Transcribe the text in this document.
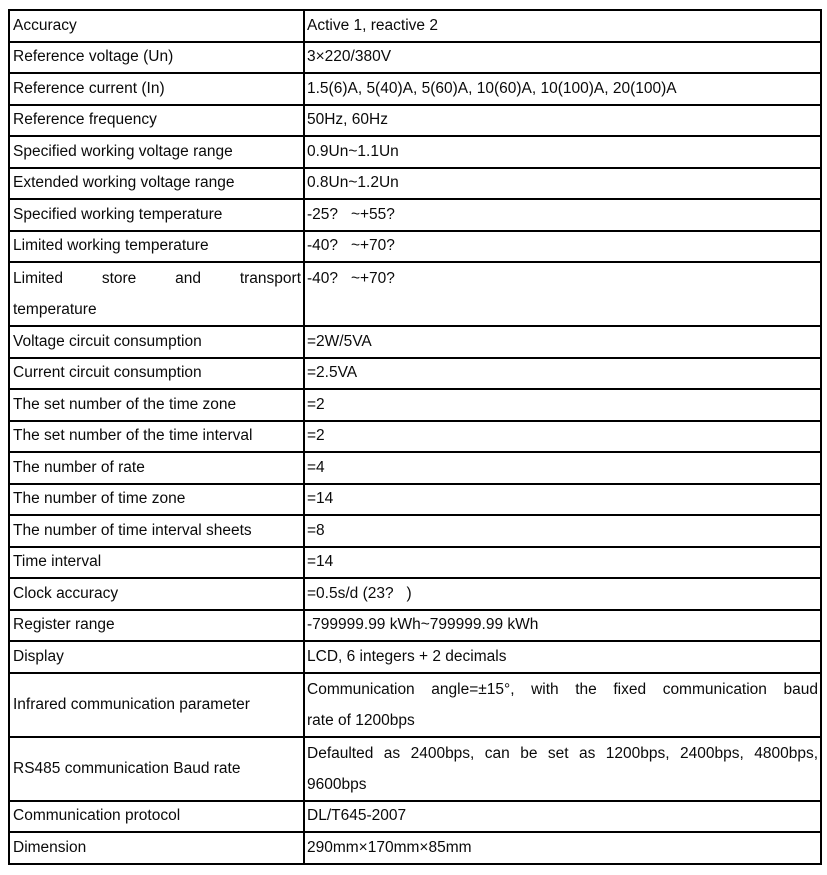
Accuracy	Active 1, reactive 2
Reference voltage (Un)	3×220/380V
Reference current (In)	1.5(6)A, 5(40)A, 5(60)A, 10(60)A, 10(100)A, 20(100)A
Reference frequency	50Hz, 60Hz
Specified working voltage range	0.9Un~1.1Un
Extended working voltage range	0.8Un~1.2Un
Specified working temperature	-25?   ~+55?
Limited working temperature	-40?   ~+70?

Limited store and transport
temperature	-40?   ~+70?
Voltage circuit consumption	=2W/5VA
Current circuit consumption	=2.5VA
The set number of the time zone	=2
The set number of the time interval	=2
The number of rate	=4
The number of time zone	=14
The number of time interval sheets	=8
Time interval	=14
Clock accuracy	=0.5s/d (23?   )
Register range	-799999.99 kWh~799999.99 kWh
Display	LCD, 6 integers + 2 decimals
Infrared communication parameter	Communication angle=±15°, with the fixed communication baud
rate of 1200bps

RS485 communication Baud rate	Defaulted as 2400bps, can be set as 1200bps, 2400bps, 4800bps,
9600bps

Communication protocol	DL/T645-2007
Dimension	290mm×170mm×85mm
